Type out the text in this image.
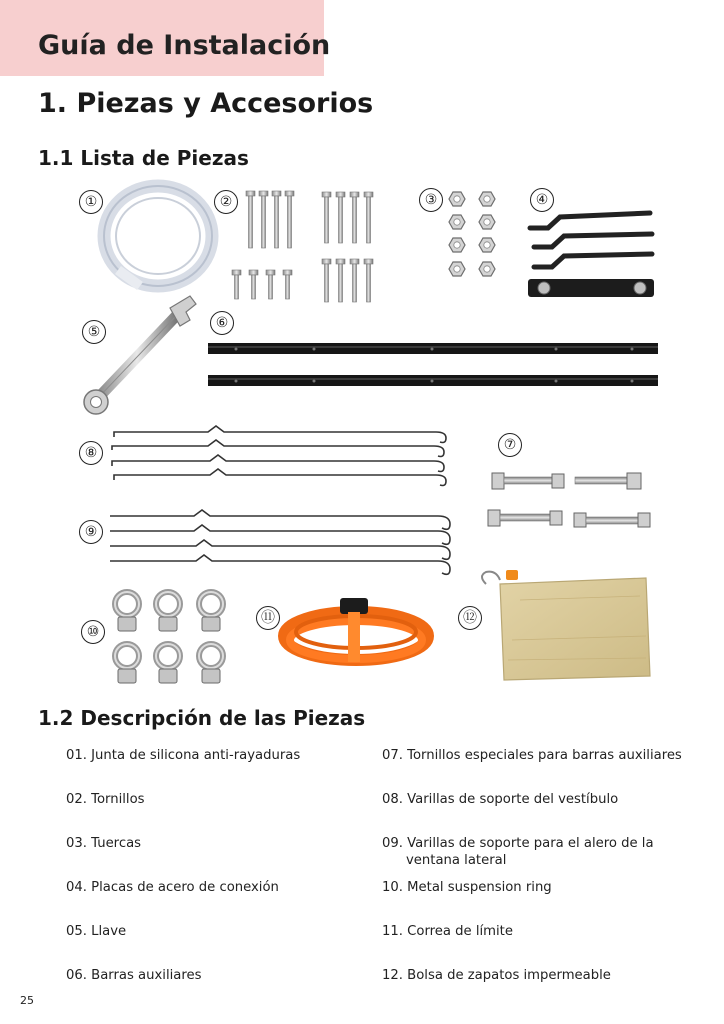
Guía de Instalación
1. Piezas y Accesorios
1.1 Lista de Piezas
①	②	③	④
⑤
⑥
⑦
⑧
⑨
⑩
⑪	⑫
1.2 Descripción de las Piezas
01. Junta de silicona anti-rayaduras
02. Tornillos
03. Tuercas
04. Placas de acero de conexión
05. Llave
06. Barras auxiliares
07. Tornillos especiales para barras auxiliares
08. Varillas de soporte del vestíbulo
09. Varillas de soporte para el alero de la
ventana lateral
10. Metal suspension ring
11. Correa de límite
12. Bolsa de zapatos impermeable
25
